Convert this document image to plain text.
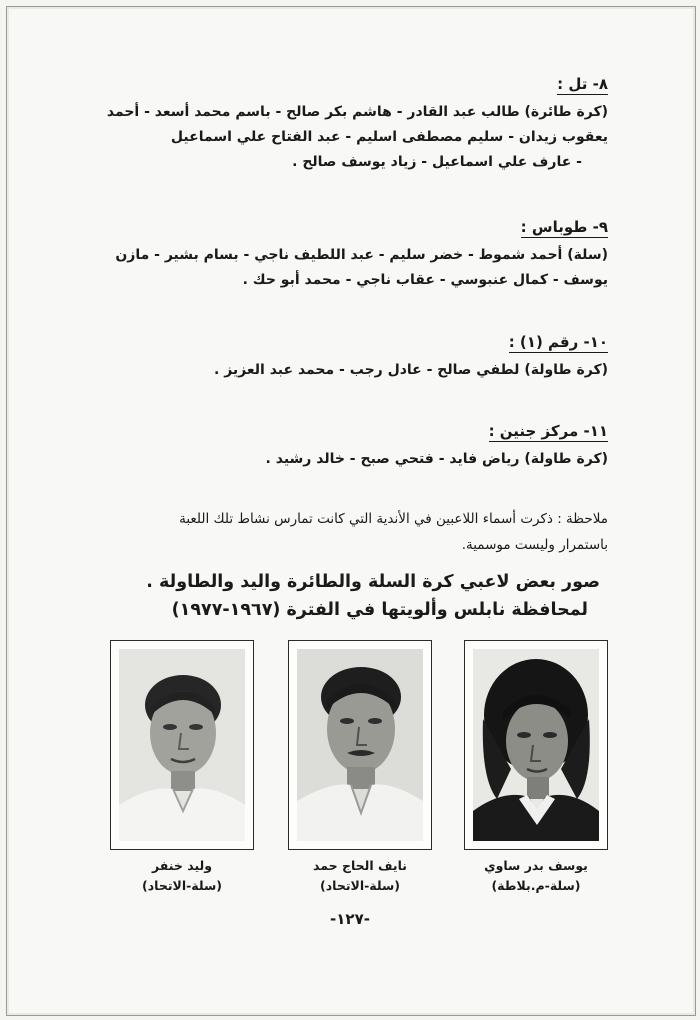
٨- تل :
(كرة طائرة) طالب عبد القادر - هاشم بكر صالح - باسم محمد أسعد - أحمد
يعقوب زيدان - سليم مصطفى اسليم - عبد الفتاح علي اسماعيل
- عارف علي اسماعيل - زياد يوسف صالح .
٩- طوباس :
(سلة) أحمد شموط - خضر سليم - عبد اللطيف ناجي - بسام بشير - مازن
يوسف - كمال عنبوسي - عقاب ناجي - محمد أبو حك .
١٠- رقم (١) :
(كرة طاولة) لطفي صالح - عادل رجب - محمد عبد العزيز .
١١- مركز جنين :
(كرة طاولة) رياض فايد - فتحي صبح - خالد رشيد .
ملاحظة : ذكرت أسماء اللاعبين في الأندية التي كانت تمارس نشاط تلك اللعبة
باستمرار وليست موسمية.
صور بعض لاعبي كرة السلة والطائرة واليد والطاولة .
لمحافظة نابلس وألويتها في الفترة (١٩٦٧-١٩٧٧)
يوسف بدر ساوي
(سلة-م.بلاطة)
نايف الحاج حمد
(سلة-الاتحاد)
وليد خنفر
(سلة-الاتحاد)
-١٢٧-
